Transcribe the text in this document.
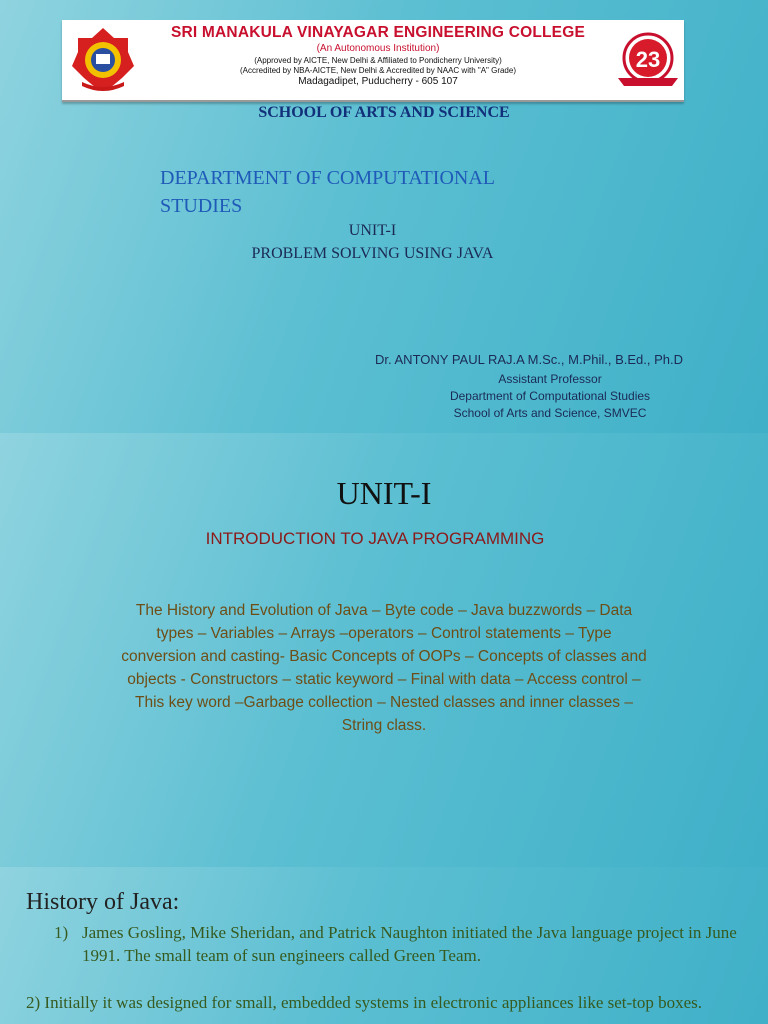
SRI MANAKULA VINAYAGAR ENGINEERING COLLEGE
(An Autonomous Institution)
(Approved by AICTE, New Delhi & Affiliated to Pondicherry University)
(Accredited by NBA-AICTE, New Delhi & Accredited by NAAC with "A" Grade)
Madagadipet, Puducherry - 605 107
23
SCHOOL OF ARTS AND SCIENCE
DEPARTMENT OF COMPUTATIONAL STUDIES
UNIT-I
PROBLEM SOLVING USING JAVA
Dr. ANTONY PAUL RAJ.A M.Sc., M.Phil., B.Ed., Ph.D
Assistant Professor
Department of Computational Studies
School of Arts and Science, SMVEC
UNIT-I
INTRODUCTION TO JAVA PROGRAMMING
The History and Evolution of Java – Byte code – Java buzzwords – Data types – Variables – Arrays –operators – Control statements – Type conversion and casting- Basic Concepts of OOPs – Concepts of classes and objects - Constructors – static keyword – Final with data – Access control – This key word –Garbage collection – Nested classes and inner classes – String class.
History of Java:
1) James Gosling, Mike Sheridan, and Patrick Naughton initiated the Java language project in June 1991. The small team of sun engineers called Green Team.
2) Initially it was designed for small, embedded systems in electronic appliances like set-top boxes.
